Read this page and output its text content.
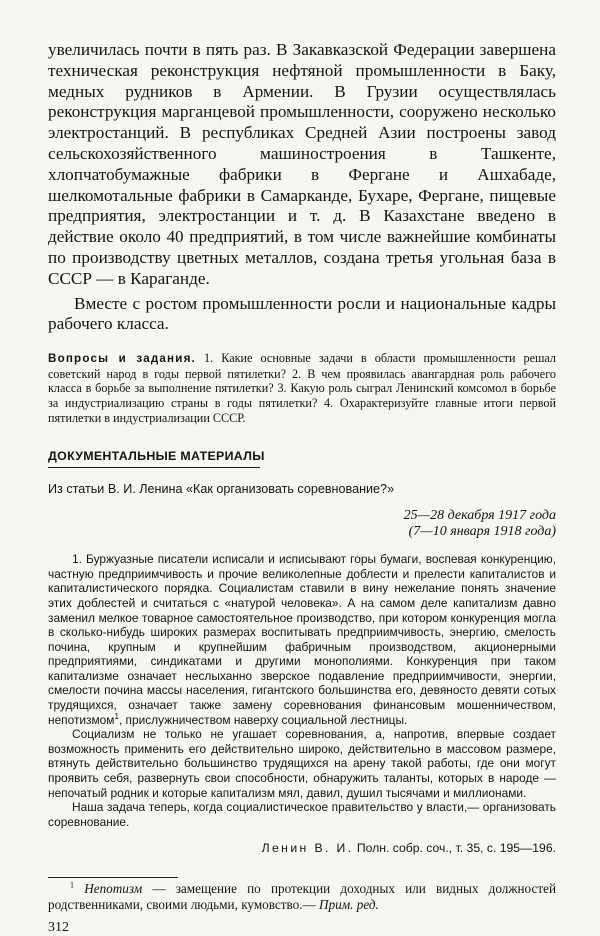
увеличилась почти в пять раз. В Закавказской Федерации завершена техническая реконструкция нефтяной промышленности в Баку, медных рудников в Армении. В Грузии осуществлялась реконструкция марганцевой промышленности, сооружено несколько электростанций. В республиках Средней Азии построены завод сельскохозяйственного машиностроения в Ташкенте, хлопчатобумажные фабрики в Фергане и Ашхабаде, шелкомотальные фабрики в Самарканде, Бухаре, Фергане, пищевые предприятия, электростанции и т. д. В Казахстане введено в действие около 40 предприятий, в том числе важнейшие комбинаты по производству цветных металлов, создана третья угольная база в СССР — в Караганде.

Вместе с ростом промышленности росли и национальные кадры рабочего класса.

Вопросы и задания. 1. Какие основные задачи в области промышленности решал советский народ в годы первой пятилетки? 2. В чем проявилась авангардная роль рабочего класса в борьбе за выполнение пятилетки? 3. Какую роль сыграл Ленинский комсомол в борьбе за индустриализацию страны в годы пятилетки? 4. Охарактеризуйте главные итоги первой пятилетки в индустриализации СССР.

ДОКУМЕНТАЛЬНЫЕ МАТЕРИАЛЫ

Из статьи В. И. Ленина «Как организовать соревнование?»

25—28 декабря 1917 года
(7—10 января 1918 года)

1. Буржуазные писатели исписали и исписывают горы бумаги, воспевая конкуренцию, частную предприимчивость и прочие великолепные доблести и прелести капиталистов и капиталистического порядка. Социалистам ставили в вину нежелание понять значение этих доблестей и считаться с «натурой человека». А на самом деле капитализм давно заменил мелкое товарное самостоятельное производство, при котором конкуренция могла в сколько-нибудь широких размерах воспитывать предприимчивость, энергию, смелость почина, крупным и крупнейшим фабричным производством, акционерными предприятиями, синдикатами и другими монополиями. Конкуренция при таком капитализме означает неслыханно зверское подавление предприимчивости, энергии, смелости почина массы населения, гигантского большинства его, девяносто девяти сотых трудящихся, означает также замену соревнования финансовым мошенничеством, непотизмом$^1$, прислужничеством наверху социальной лестницы.

Социализм не только не угашает соревнования, а, напротив, впервые создает возможность применить его действительно широко, действительно в массовом размере, втянуть действительно большинство трудящихся на арену такой работы, где они могут проявить себя, развернуть свои способности, обнаружить таланты, которых в народе — непочатый родник и которые капитализм мял, давил, душил тысячами и миллионами.

Наша задача теперь, когда социалистическое правительство у власти,— организовать соревнование.

Ленин В. И. Полн. собр. соч., т. 35, с. 195—196.

$^1$ Непотизм — замещение по протекции доходных или видных должностей родственниками, своими людьми, кумовство.— Прим. ред.

312
